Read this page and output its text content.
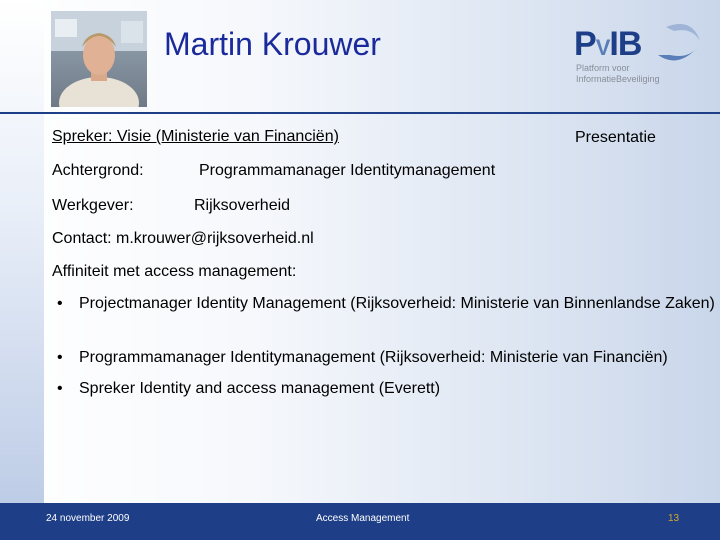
Martin Krouwer	PVIB
Platform voor
InformatieBeveiliging
Spreker: Visie (Ministerie van Financiën)	Presentatie
Achtergrond:	Programmamanager Identitymanagement
Werkgever:	Rijksoverheid
Contact: m.krouwer@rijksoverheid.nl
Affiniteit met access management:
• Projectmanager Identity Management (Rijksoverheid: Ministerie van Binnenlandse Zaken)
• Programmamanager Identitymanagement (Rijksoverheid: Ministerie van Financiën)
• Spreker Identity and access management (Everett)
24 november 2009	Access Management	13
